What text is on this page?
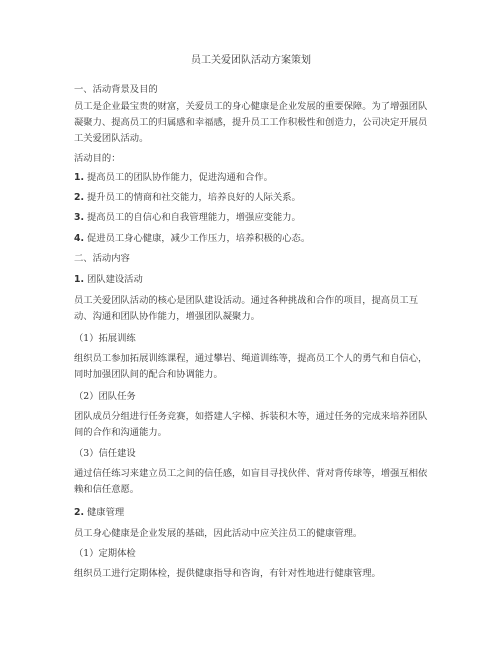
员工关爱团队活动方案策划

一、活动背景及目的

员工是企业最宝贵的财富，关爱员工的身心健康是企业发展的重要保障。为了增强团队凝聚力、提高员工的归属感和幸福感，提升员工工作积极性和创造力，公司决定开展员工关爱团队活动。

活动目的：

1. 提高员工的团队协作能力，促进沟通和合作。

2. 提升员工的情商和社交能力，培养良好的人际关系。

3. 提高员工的自信心和自我管理能力，增强应变能力。

4. 促进员工身心健康，减少工作压力，培养积极的心态。

二、活动内容

1. 团队建设活动

员工关爱团队活动的核心是团队建设活动。通过各种挑战和合作的项目，提高员工互动、沟通和团队协作能力，增强团队凝聚力。

（1）拓展训练

组织员工参加拓展训练课程，通过攀岩、绳道训练等，提高员工个人的勇气和自信心，同时加强团队间的配合和协调能力。

（2）团队任务

团队成员分组进行任务竞赛，如搭建人字梯、拆装积木等，通过任务的完成来培养团队间的合作和沟通能力。

（3）信任建设

通过信任练习来建立员工之间的信任感，如盲目寻找伙伴、背对背传球等，增强互相依赖和信任意愿。

2. 健康管理

员工身心健康是企业发展的基础，因此活动中应关注员工的健康管理。

（1）定期体检

组织员工进行定期体检，提供健康指导和咨询，有针对性地进行健康管理。
